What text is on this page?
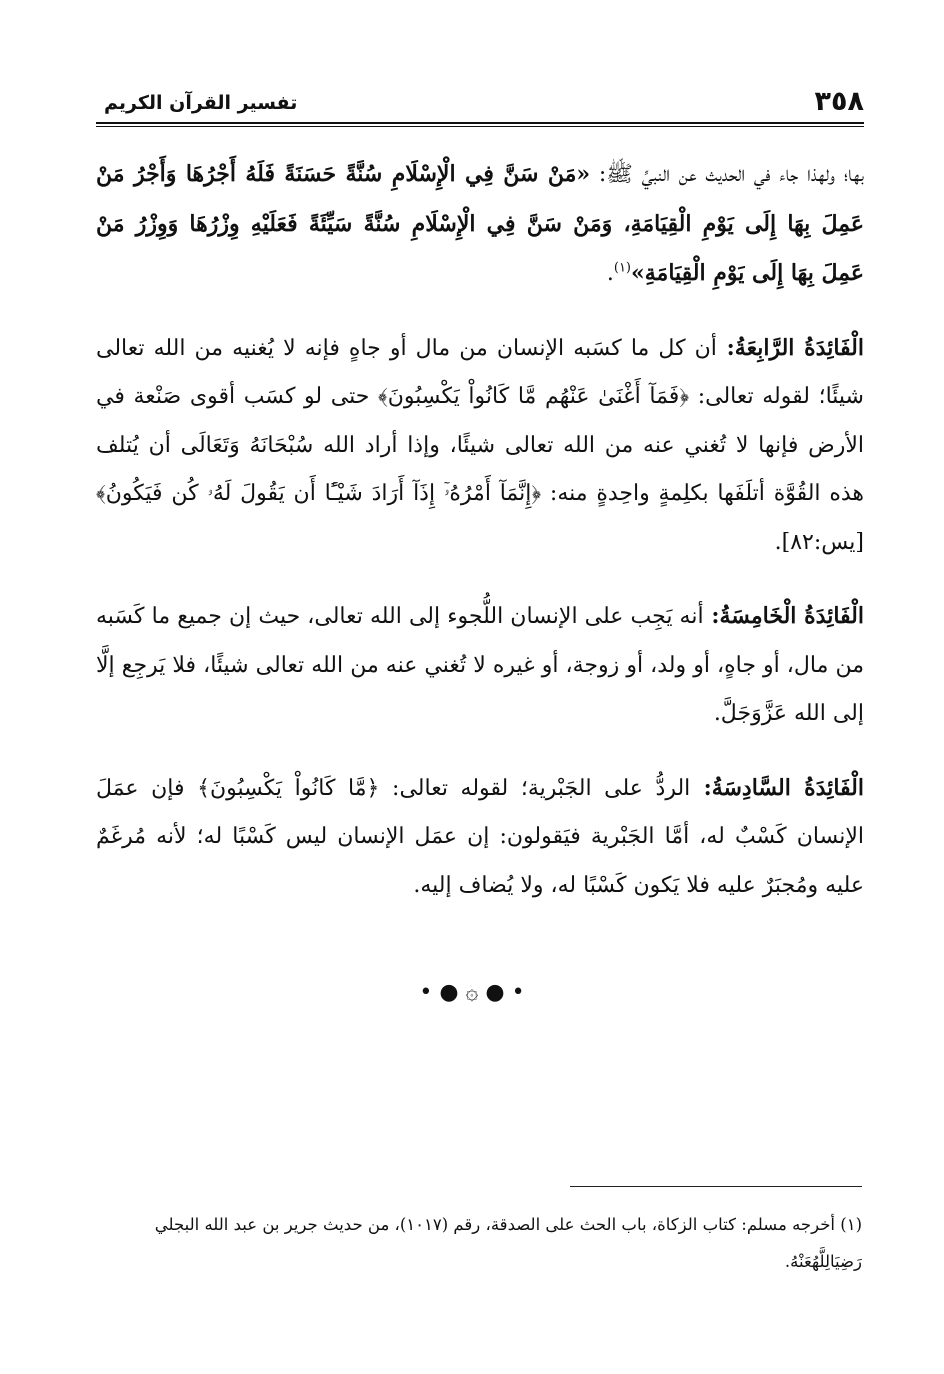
٣٥٨
تفسير القرآن الكريم

بها؛ ولهذا جاء في الحديث عن النبيِّ ﷺ: «مَنْ سَنَّ فِي الْإِسْلَامِ سُنَّةً حَسَنَةً فَلَهُ أَجْرُهَا وَأَجْرُ مَنْ عَمِلَ بِهَا إِلَى يَوْمِ الْقِيَامَةِ، وَمَنْ سَنَّ فِي الْإِسْلَامِ سُنَّةً سَيِّئَةً فَعَلَيْهِ وِزْرُهَا وَوِزْرُ مَنْ عَمِلَ بِهَا إِلَى يَوْمِ الْقِيَامَةِ»$^{(١)}$.

الْفَائِدَةُ الرَّابِعَةُ: أن كل ما كسَبه الإنسان من مال أو جاهٍ فإنه لا يُغنيه من الله تعالى شيئًا؛ لقوله تعالى: ﴿فَمَآ أَغْنَىٰ عَنْهُم مَّا كَانُواْ يَكْسِبُونَ﴾ حتى لو كسَب أقوى صَنْعة في الأرض فإنها لا تُغني عنه من الله تعالى شيئًا، وإذا أراد الله سُبْحَانَهُ وَتَعَالَى أن يُتلف هذه القُوَّة أتلَفَها بكلِمةٍ واحِدةٍ منه: ﴿إِنَّمَآ أَمْرُهُۥٓ إِذَآ أَرَادَ شَيْـًٔا أَن يَقُولَ لَهُۥ كُن فَيَكُونُ﴾ [يس:٨٢].

الْفَائِدَةُ الْخَامِسَةُ: أنه يَجِب على الإنسان اللُّجوء إلى الله تعالى، حيث إن جميع ما كَسَبه من مال، أو جاهٍ، أو ولد، أو زوجة، أو غيره لا تُغني عنه من الله تعالى شيئًا، فلا يَرجِع إلَّا إلى الله عَزَّوَجَلَّ.

الْفَائِدَةُ السَّادِسَةُ: الردُّ على الجَبْرية؛ لقوله تعالى: ﴿مَّا كَانُواْ يَكْسِبُونَ﴾ فإن عمَلَ الإنسان كَسْبٌ له، أمَّا الجَبْرية فيَقولون: إن عمَل الإنسان ليس كَسْبًا له؛ لأنه مُرغَمٌ عليه ومُجبَرٌ عليه فلا يَكون كَسْبًا له، ولا يُضاف إليه.

• ● ۞ ● •

(١) أخرجه مسلم: كتاب الزكاة، باب الحث على الصدقة، رقم (١٠١٧)، من حديث جرير بن عبد الله البجلي رَضِيَالِلَّهُعَنْهُ.
